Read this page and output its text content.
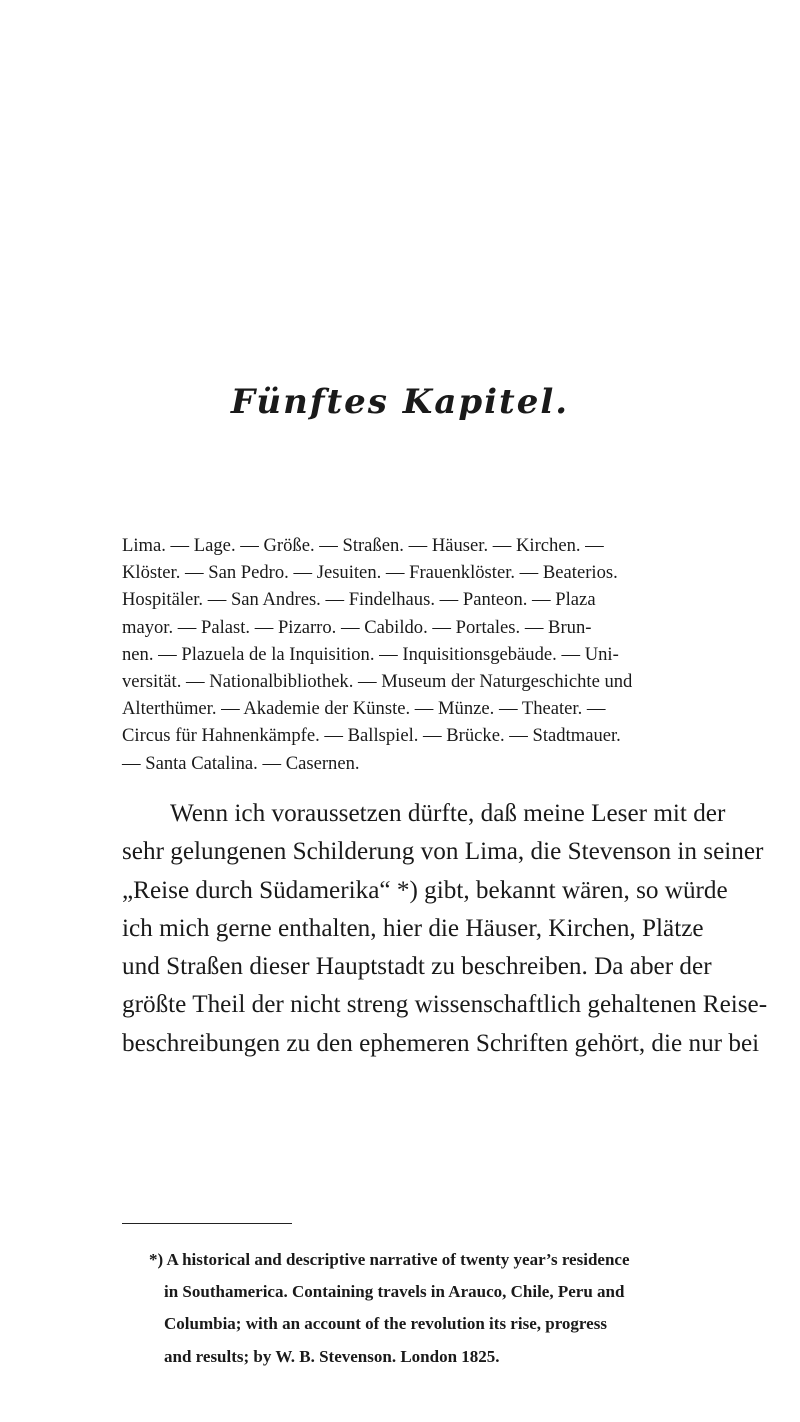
Fünftes Kapitel.
Lima. — Lage. — Größe. — Straßen. — Häuser. — Kirchen. —
Klöster. — San Pedro. — Jesuiten. — Frauenklöster. — Beaterios.
Hospitäler. — San Andres. — Findelhaus. — Panteon. — Plaza
mayor. — Palast. — Pizarro. — Cabildo. — Portales. — Brun-
nen. — Plazuela de la Inquisition. — Inquisitionsgebäude. — Uni-
versität. — Nationalbibliothek. — Museum der Naturgeschichte und
Alterthümer. — Akademie der Künste. — Münze. — Theater. —
Circus für Hahnenkämpfe. — Ballspiel. — Brücke. — Stadtmauer.
— Santa Catalina. — Casernen.
Wenn ich voraussetzen dürfte, daß meine Leser mit der
sehr gelungenen Schilderung von Lima, die Stevenson in seiner
„Reise durch Südamerika“ *) gibt, bekannt wären, so würde
ich mich gerne enthalten, hier die Häuser, Kirchen, Plätze
und Straßen dieser Hauptstadt zu beschreiben. Da aber der
größte Theil der nicht streng wissenschaftlich gehaltenen Reise-
beschreibungen zu den ephemeren Schriften gehört, die nur bei
*) A historical and descriptive narrative of twenty year’s residence
in Southamerica. Containing travels in Arauco, Chile, Peru and
Columbia; with an account of the revolution its rise, progress
and results; by W. B. Stevenson. London 1825.
